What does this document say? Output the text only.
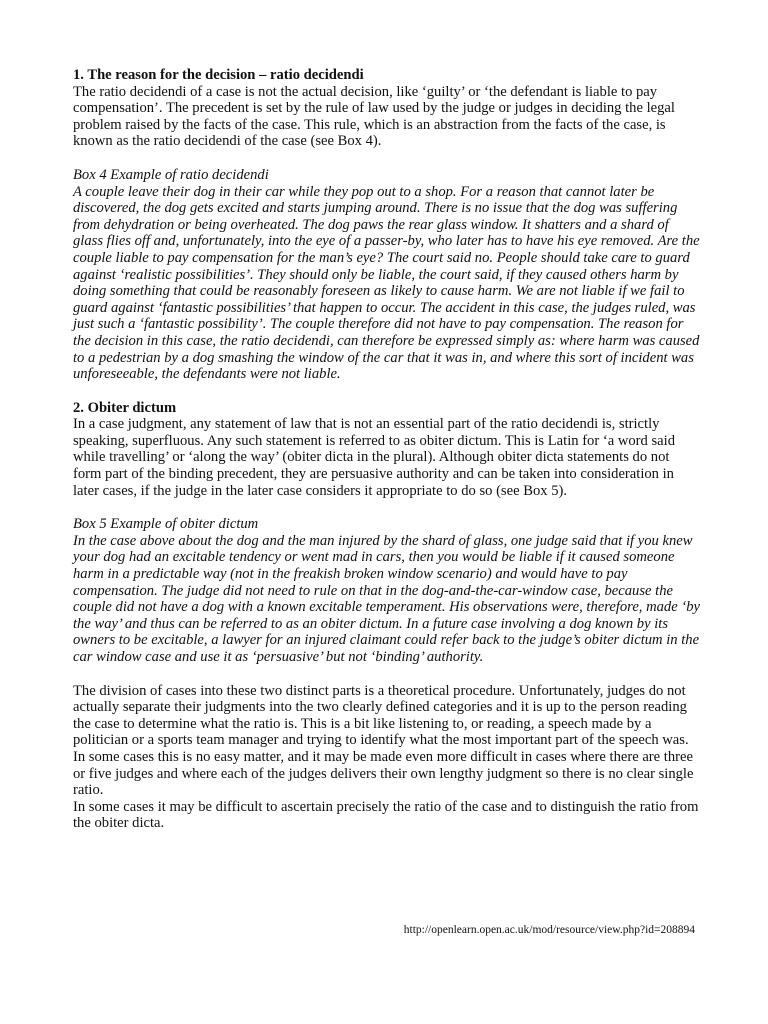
1. The reason for the decision – ratio decidendi

The ratio decidendi of a case is not the actual decision, like ‘guilty’ or ‘the defendant is liable to pay compensation’. The precedent is set by the rule of law used by the judge or judges in deciding the legal problem raised by the facts of the case. This rule, which is an abstraction from the facts of the case, is known as the ratio decidendi of the case (see Box 4).

Box 4 Example of ratio decidendi

A couple leave their dog in their car while they pop out to a shop. For a reason that cannot later be discovered, the dog gets excited and starts jumping around. There is no issue that the dog was suffering from dehydration or being overheated. The dog paws the rear glass window. It shatters and a shard of glass flies off and, unfortunately, into the eye of a passer-by, who later has to have his eye removed. Are the couple liable to pay compensation for the man’s eye? The court said no. People should take care to guard against ‘realistic possibilities’. They should only be liable, the court said, if they caused others harm by doing something that could be reasonably foreseen as likely to cause harm. We are not liable if we fail to guard against ‘fantastic possibilities’ that happen to occur. The accident in this case, the judges ruled, was just such a ‘fantastic possibility’. The couple therefore did not have to pay compensation. The reason for the decision in this case, the ratio decidendi, can therefore be expressed simply as: where harm was caused to a pedestrian by a dog smashing the window of the car that it was in, and where this sort of incident was unforeseeable, the defendants were not liable.

2. Obiter dictum

In a case judgment, any statement of law that is not an essential part of the ratio decidendi is, strictly speaking, superfluous. Any such statement is referred to as obiter dictum. This is Latin for ‘a word said while travelling’ or ‘along the way’ (obiter dicta in the plural). Although obiter dicta statements do not form part of the binding precedent, they are persuasive authority and can be taken into consideration in later cases, if the judge in the later case considers it appropriate to do so (see Box 5).

Box 5 Example of obiter dictum

In the case above about the dog and the man injured by the shard of glass, one judge said that if you knew your dog had an excitable tendency or went mad in cars, then you would be liable if it caused someone harm in a predictable way (not in the freakish broken window scenario) and would have to pay compensation. The judge did not need to rule on that in the dog-and-the-car-window case, because the couple did not have a dog with a known excitable temperament. His observations were, therefore, made ‘by the way’ and thus can be referred to as an obiter dictum. In a future case involving a dog known by its owners to be excitable, a lawyer for an injured claimant could refer back to the judge’s obiter dictum in the car window case and use it as ‘persuasive’ but not ‘binding’ authority.

The division of cases into these two distinct parts is a theoretical procedure. Unfortunately, judges do not actually separate their judgments into the two clearly defined categories and it is up to the person reading the case to determine what the ratio is. This is a bit like listening to, or reading, a speech made by a politician or a sports team manager and trying to identify what the most important part of the speech was.

In some cases this is no easy matter, and it may be made even more difficult in cases where there are three or five judges and where each of the judges delivers their own lengthy judgment so there is no clear single ratio.

In some cases it may be difficult to ascertain precisely the ratio of the case and to distinguish the ratio from the obiter dicta.

http://openlearn.open.ac.uk/mod/resource/view.php?id=208894
